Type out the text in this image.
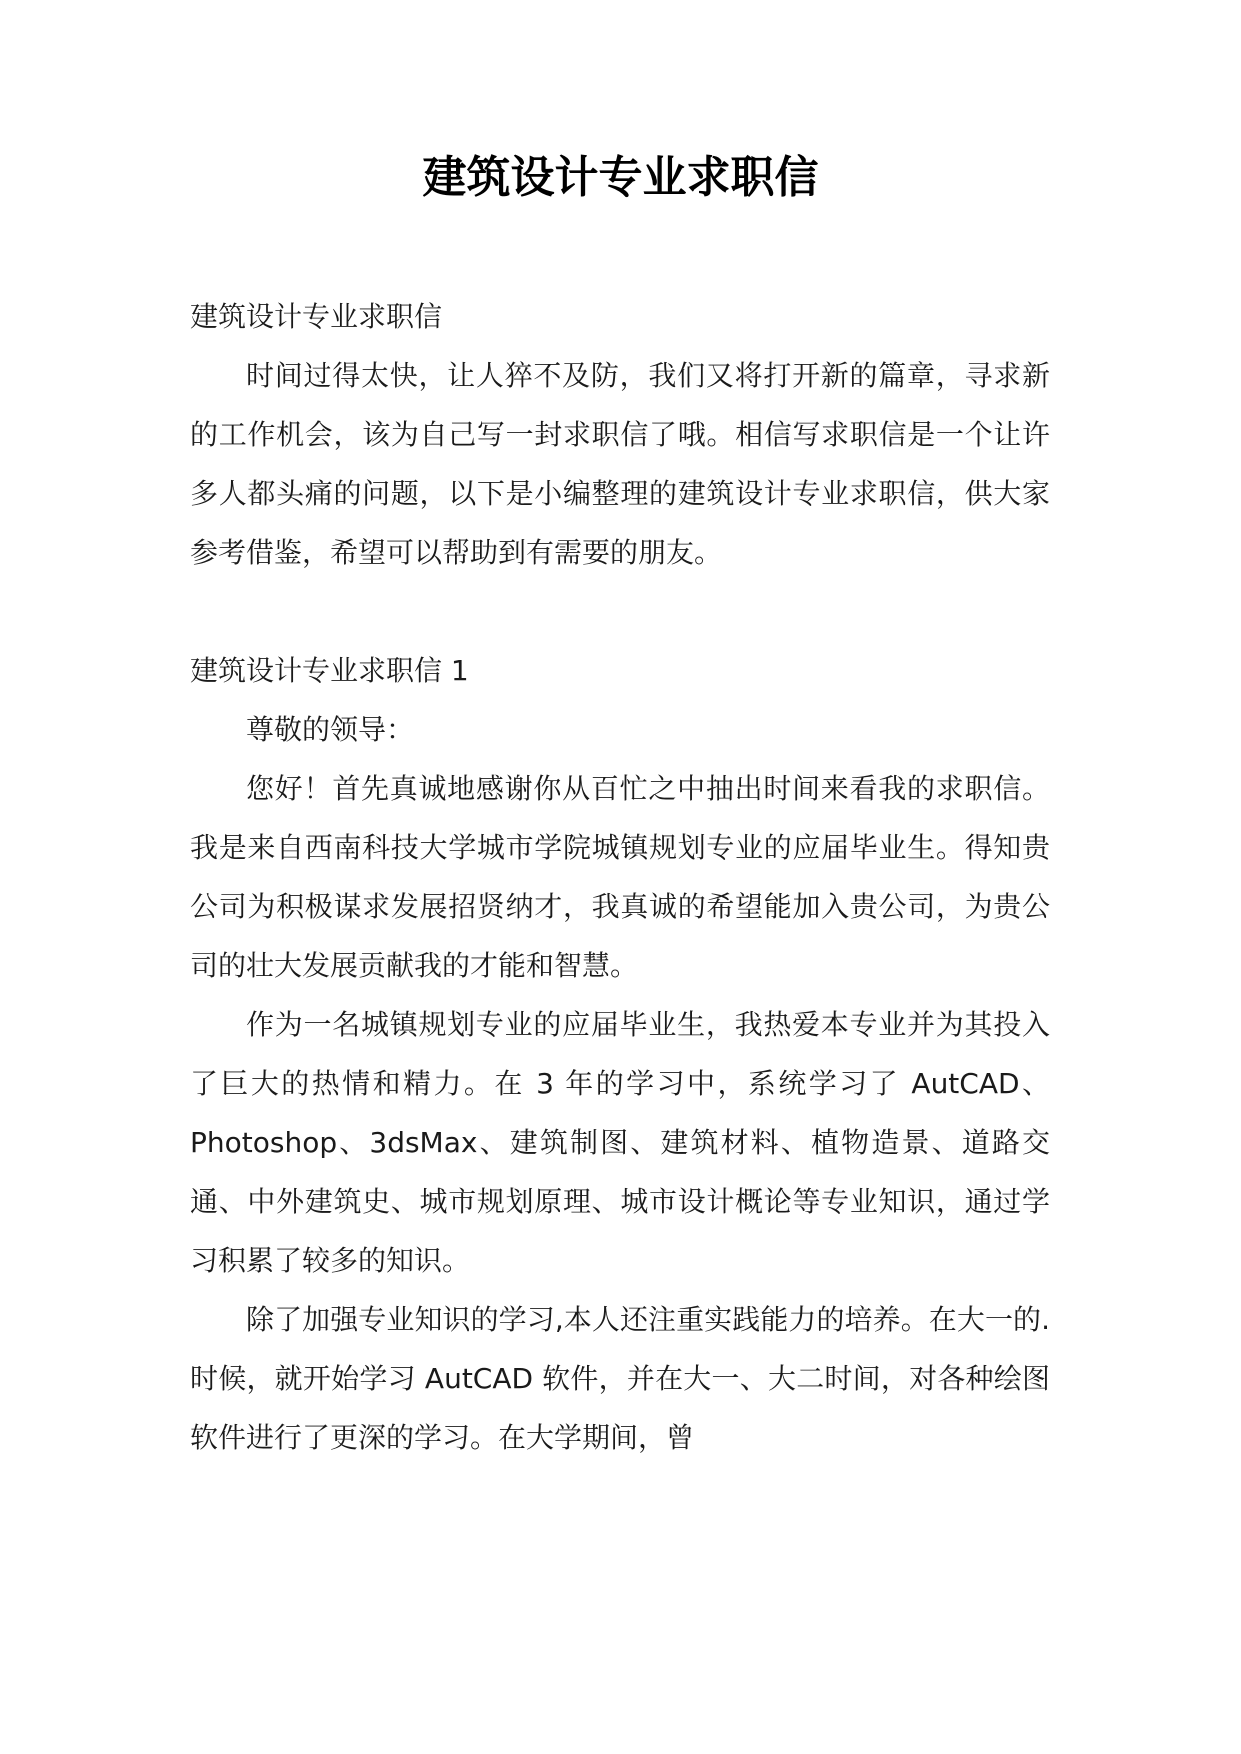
建筑设计专业求职信

建筑设计专业求职信

时间过得太快，让人猝不及防，我们又将打开新的篇章，寻求新的工作机会，该为自己写一封求职信了哦。相信写求职信是一个让许多人都头痛的问题，以下是小编整理的建筑设计专业求职信，供大家参考借鉴，希望可以帮助到有需要的朋友。

建筑设计专业求职信 1

尊敬的领导：

您好！首先真诚地感谢你从百忙之中抽出时间来看我的求职信。 我是来自西南科技大学城市学院城镇规划专业的应届毕业生。得知贵公司为积极谋求发展招贤纳才，我真诚的希望能加入贵公司，为贵公司的壮大发展贡献我的才能和智慧。

作为一名城镇规划专业的应届毕业生，我热爱本专业并为其投入了巨大的热情和精力。在 3 年的学习中，系统学习了 AutCAD、Photoshop、3dsMax、建筑制图、建筑材料、植物造景、道路交通、中外建筑史、城市规划原理、城市设计概论等专业知识，通过学习积累了较多的知识。

除了加强专业知识的学习,本人还注重实践能力的培养。在大一的.时候，就开始学习 AutCAD 软件，并在大一、大二时间，对各种绘图软件进行了更深的学习。在大学期间，曾
